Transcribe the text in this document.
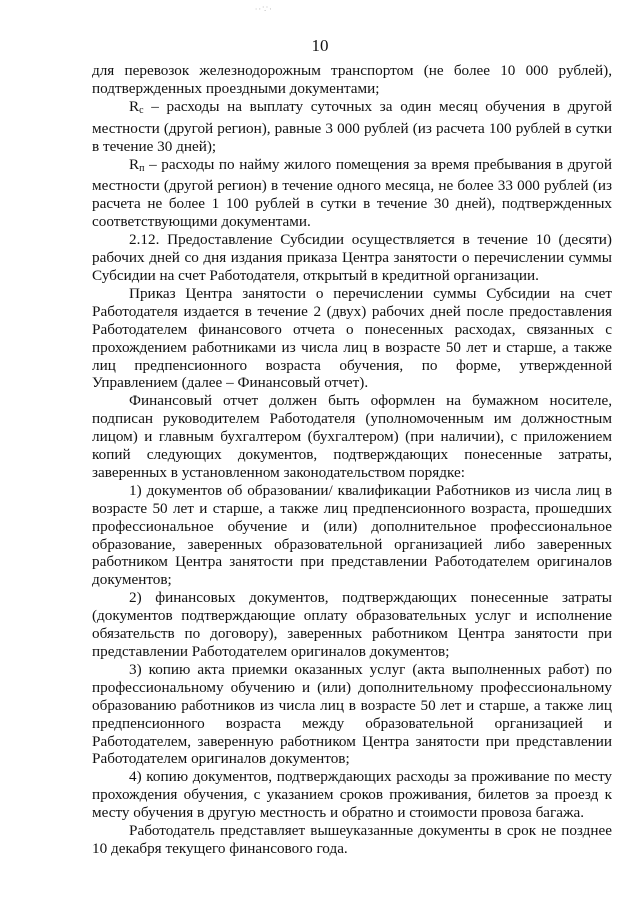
∙·∵·
10

для перевозок железнодорожным транспортом (не более 10 000 рублей), подтвержденных проездными документами;

$R_c$ – расходы на выплату суточных за один месяц обучения в другой местности (другой регион), равные 3 000 рублей (из расчета 100 рублей в сутки в течение 30 дней);

$R_п$ – расходы по найму жилого помещения за время пребывания в другой местности (другой регион) в течение одного месяца, не более 33 000 рублей (из расчета не более 1 100 рублей в сутки в течение 30 дней), подтвержденных соответствующими документами.

2.12. Предоставление Субсидии осуществляется в течение 10 (десяти) рабочих дней со дня издания приказа Центра занятости о перечислении суммы Субсидии на счет Работодателя, открытый в кредитной организации.

Приказ Центра занятости о перечислении суммы Субсидии на счет Работодателя издается в течение 2 (двух) рабочих дней после предоставления Работодателем финансового отчета о понесенных расходах, связанных с прохождением работниками из числа лиц в возрасте 50 лет и старше, а также лиц предпенсионного возраста обучения, по форме, утвержденной Управлением (далее – Финансовый отчет).

Финансовый отчет должен быть оформлен на бумажном носителе, подписан руководителем Работодателя (уполномоченным им должностным лицом) и главным бухгалтером (бухгалтером) (при наличии), с приложением копий следующих документов, подтверждающих понесенные затраты, заверенных в установленном законодательством порядке:

1) документов об образовании/ квалификации Работников из числа лиц в возрасте 50 лет и старше, а также лиц предпенсионного возраста, прошедших профессиональное обучение и (или) дополнительное профессиональное образование, заверенных образовательной организацией либо заверенных работником Центра занятости при представлении Работодателем оригиналов документов;

2) финансовых документов, подтверждающих понесенные затраты (документов подтверждающие оплату образовательных услуг и исполнение обязательств по договору), заверенных работником Центра занятости при представлении Работодателем оригиналов документов;

3) копию акта приемки оказанных услуг (акта выполненных работ) по профессиональному обучению и (или) дополнительному профессиональному образованию работников из числа лиц в возрасте 50 лет и старше, а также лиц предпенсионного возраста между образовательной организацией и Работодателем, заверенную работником Центра занятости при представлении Работодателем оригиналов документов;

4) копию документов, подтверждающих расходы за проживание по месту прохождения обучения, с указанием сроков проживания, билетов за проезд к месту обучения в другую местность и обратно и стоимости провоза багажа.

Работодатель представляет вышеуказанные документы в срок не позднее 10 декабря текущего финансового года.
